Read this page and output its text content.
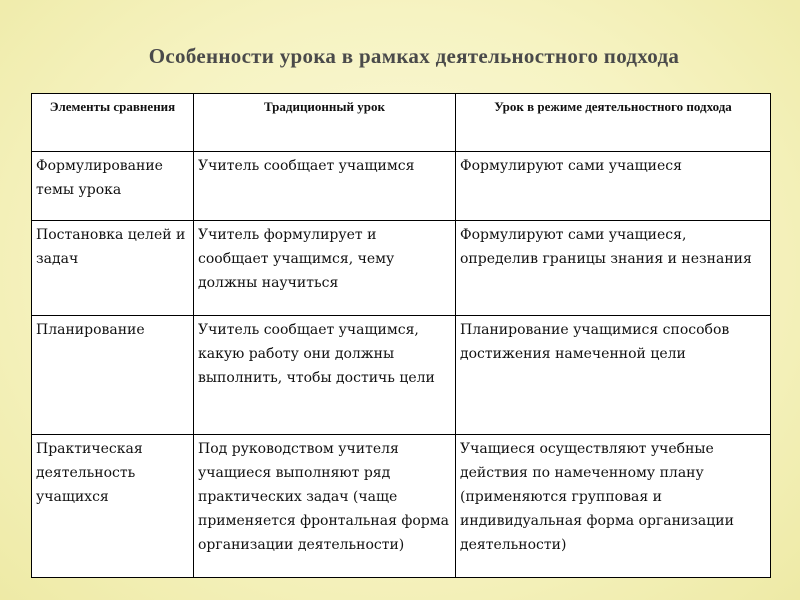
Особенности урока в рамках деятельностного подхода
Элементы сравнения	Традиционный урок	Урок в режиме деятельностного подхода
Формулирование темы урока	Учитель сообщает учащимся	Формулируют сами учащиеся
Постановка целей и задач	Учитель формулирует и сообщает учащимся, чему должны научиться	Формулируют сами учащиеся, определив границы знания и незнания
Планирование	Учитель сообщает учащимся, какую работу они должны выполнить, чтобы достичь цели	Планирование учащимися способов достижения намеченной цели
Практическая деятельность учащихся	Под руководством учителя учащиеся выполняют ряд практических задач (чаще применяется фронтальная форма организации деятельности)	Учащиеся осуществляют учебные действия по намеченному плану (применяются групповая и индивидуальная форма организации деятельности)
